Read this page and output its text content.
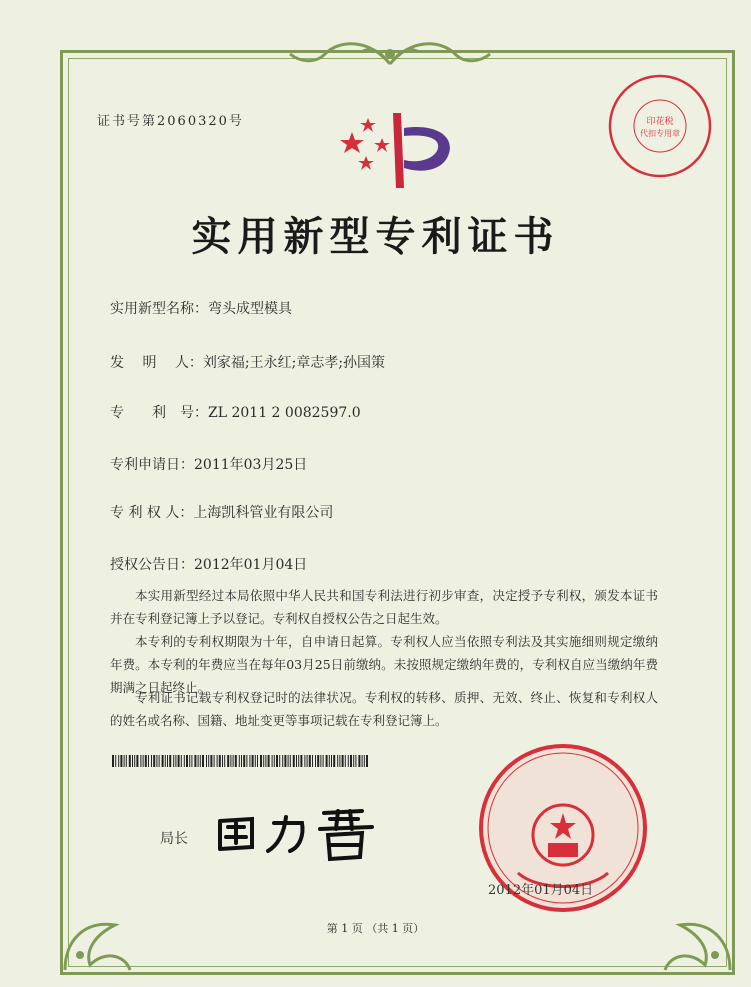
证书号第2060320号	印花税
代扣专用章
实用新型专利证书
实用新型名称：弯头成型模具
发　 明　 人：刘家福;王永红;章志孝;孙国策
专　　利　号：ZL 2011 2 0082597.0
专利申请日：2011年03月25日
专 利 权 人：上海凯科管业有限公司
授权公告日：2012年01月04日
本实用新型经过本局依照中华人民共和国专利法进行初步审查，决定授予专利权，颁发本证书并在专利登记簿上予以登记。专利权自授权公告之日起生效。
本专利的专利权期限为十年，自申请日起算。专利权人应当依照专利法及其实施细则规定缴纳年费。本专利的年费应当在每年03月25日前缴纳。未按照规定缴纳年费的，专利权自应当缴纳年费期满之日起终止。
专利证书记载专利权登记时的法律状况。专利权的转移、质押、无效、终止、恢复和专利权人的姓名或名称、国籍、地址变更等事项记载在专利登记簿上。
局长
2012年01月04日
第 1 页 （共 1 页）
